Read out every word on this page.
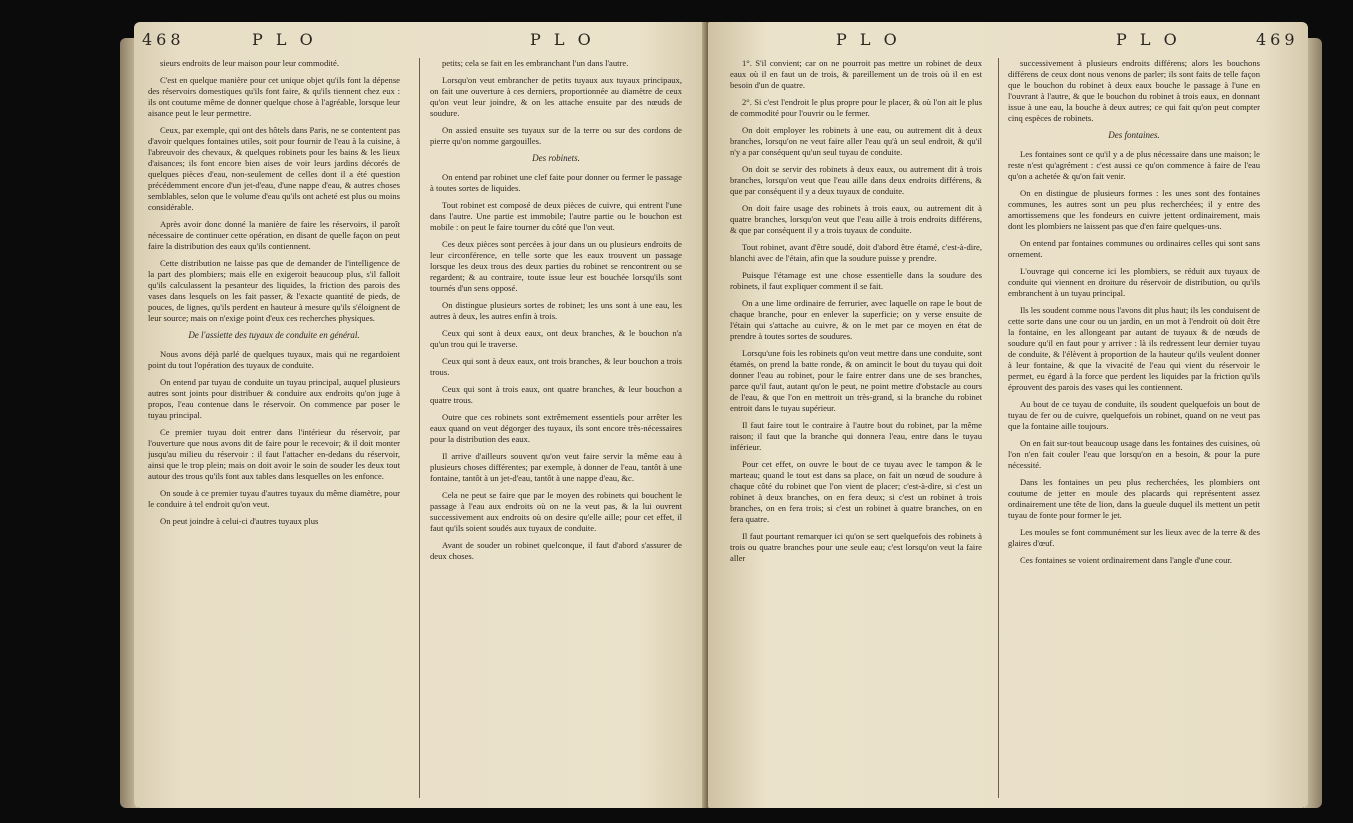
468	P L O	P L O

sieurs endroits de leur maison pour leur commodité.

C'est en quelque manière pour cet unique objet qu'ils font la dépense des réservoirs domestiques qu'ils font faire, & qu'ils tiennent chez eux : ils ont coutume même de donner quelque chose à l'agréable, lorsque leur aisance peut le leur permettre.

Ceux, par exemple, qui ont des hôtels dans Paris, ne se contentent pas d'avoir quelques fontaines utiles, soit pour fournir de l'eau à la cuisine, à l'abreuvoir des chevaux, & quelques robinets pour les bains & les lieux d'aisances; ils font encore bien aises de voir leurs jardins décorés de quelques pièces d'eau, non-seulement de celles dont il a été question précédemment encore d'un jet-d'eau, d'une nappe d'eau, & autres choses semblables, selon que le volume d'eau qu'ils ont acheté est plus ou moins considérable.

Après avoir donc donné la manière de faire les réservoirs, il paroît nécessaire de continuer cette opération, en disant de quelle façon on peut faire la distribution des eaux qu'ils contiennent.

Cette distribution ne laisse pas que de demander de l'intelligence de la part des plombiers; mais elle en exigeroit beaucoup plus, s'il falloit qu'ils calculassent la pesanteur des liquides, la friction des parois des vases dans lesquels on les fait passer, & l'exacte quantité de pieds, de pouces, de lignes, qu'ils perdent en hauteur à mesure qu'ils s'éloignent de leur source; mais on n'exige point d'eux ces recherches physiques.

De l'assiette des tuyaux de conduite en général.

Nous avons déjà parlé de quelques tuyaux, mais qui ne regardoient point du tout l'opération des tuyaux de conduite.

On entend par tuyau de conduite un tuyau principal, auquel plusieurs autres sont joints pour distribuer & conduire aux endroits qu'on juge à propos, l'eau contenue dans le réservoir. On commence par poser le tuyau principal.

Ce premier tuyau doit entrer dans l'intérieur du réservoir, par l'ouverture que nous avons dit de faire pour le recevoir; & il doit monter jusqu'au milieu du réservoir : il faut l'attacher en-dedans du réservoir, ainsi que le trop plein; mais on doit avoir le soin de souder les deux tout autour des trous qu'ils font aux tables dans lesquelles on les enfonce.

On soude à ce premier tuyau d'autres tuyaux du même diamètre, pour le conduire à tel endroit qu'on veut.

On peut joindre à celui-ci d'autres tuyaux plus

petits; cela se fait en les embranchant l'un dans l'autre.

Lorsqu'on veut embrancher de petits tuyaux aux tuyaux principaux, on fait une ouverture à ces derniers, proportionnée au diamètre de ceux qu'on veut leur joindre, & on les attache ensuite par des nœuds de soudure.

On assied ensuite ses tuyaux sur de la terre ou sur des cordons de pierre qu'on nomme gargouilles.

Des robinets.

On entend par robinet une clef faite pour donner ou fermer le passage à toutes sortes de liquides.

Tout robinet est composé de deux pièces de cuivre, qui entrent l'une dans l'autre. Une partie est immobile; l'autre partie ou le bouchon est mobile : on peut le faire tourner du côté que l'on veut.

Ces deux pièces sont percées à jour dans un ou plusieurs endroits de leur circonférence, en telle sorte que les eaux trouvent un passage lorsque les deux trous des deux parties du robinet se rencontrent ou se regardent; & au contraire, toute issue leur est bouchée lorsqu'ils sont tournés d'un sens opposé.

On distingue plusieurs sortes de robinet; les uns sont à une eau, les autres à deux, les autres enfin à trois.

Ceux qui sont à deux eaux, ont deux branches, & le bouchon n'a qu'un trou qui le traverse.

Ceux qui sont à deux eaux, ont trois branches, & leur bouchon a trois trous.

Ceux qui sont à trois eaux, ont quatre branches, & leur bouchon a quatre trous.

Outre que ces robinets sont extrêmement essentiels pour arrêter les eaux quand on veut dégorger des tuyaux, ils sont encore très-nécessaires pour la distribution des eaux.

Il arrive d'ailleurs souvent qu'on veut faire servir la même eau à plusieurs choses différentes; par exemple, à donner de l'eau, tantôt à une fontaine, tantôt à un jet-d'eau, tantôt à une nappe d'eau, &c.

Cela ne peut se faire que par le moyen des robinets qui bouchent le passage à l'eau aux endroits où on ne la veut pas, & la lui ouvrent successivement aux endroits où on desire qu'elle aille; pour cet effet, il faut qu'ils soient soudés aux tuyaux de conduite.

Avant de souder un robinet quelconque, il faut d'abord s'assurer de deux choses.

P L O	P L O	469

1°. S'il convient; car on ne pourroit pas mettre un robinet de deux eaux où il en faut un de trois, & pareillement un de trois où il en est besoin d'un de quatre.

2°. Si c'est l'endroit le plus propre pour le placer, & où l'on ait le plus de commodité pour l'ouvrir ou le fermer.

On doit employer les robinets à une eau, ou autrement dit à deux branches, lorsqu'on ne veut faire aller l'eau qu'à un seul endroit, & qu'il n'y a par conséquent qu'un seul tuyau de conduite.

On doit se servir des robinets à deux eaux, ou autrement dit à trois branches, lorsqu'on veut que l'eau aille dans deux endroits différens, & que par conséquent il y a deux tuyaux de conduite.

On doit faire usage des robinets à trois eaux, ou autrement dit à quatre branches, lorsqu'on veut que l'eau aille à trois endroits différens, & que par conséquent il y a trois tuyaux de conduite.

Tout robinet, avant d'être soudé, doit d'abord être étamé, c'est-à-dire, blanchi avec de l'étain, afin que la soudure puisse y prendre.

Puisque l'étamage est une chose essentielle dans la soudure des robinets, il faut expliquer comment il se fait.

On a une lime ordinaire de ferrurier, avec laquelle on rape le bout de chaque branche, pour en enlever la superficie; on y verse ensuite de l'étain qui s'attache au cuivre, & on le met par ce moyen en état de prendre à toutes sortes de soudures.

Lorsqu'une fois les robinets qu'on veut mettre dans une conduite, sont étamés, on prend la batte ronde, & on amincit le bout du tuyau qui doit donner l'eau au robinet, pour le faire entrer dans une de ses branches, parce qu'il faut, autant qu'on le peut, ne point mettre d'obstacle au cours de l'eau, & que l'on en mettroit un très-grand, si la branche du robinet entroit dans le tuyau supérieur.

Il faut faire tout le contraire à l'autre bout du robinet, par la même raison; il faut que la branche qui donnera l'eau, entre dans le tuyau inférieur.

Pour cet effet, on ouvre le bout de ce tuyau avec le tampon & le marteau; quand le tout est dans sa place, on fait un nœud de soudure à chaque côté du robinet que l'on vient de placer; c'est-à-dire, si c'est un robinet à deux branches, on en fera deux; si c'est un robinet à trois branches, on en fera trois; si c'est un robinet à quatre branches, on en fera quatre.

Il faut pourtant remarquer ici qu'on se sert quelquefois des robinets à trois ou quatre branches pour une seule eau; c'est lorsqu'on veut la faire aller

successivement à plusieurs endroits différens; alors les bouchons différens de ceux dont nous venons de parler; ils sont faits de telle façon que le bouchon du robinet à deux eaux bouche le passage à l'une en l'ouvrant à l'autre, & que le bouchon du robinet à trois eaux, en donnant issue à une eau, la bouche à deux autres; ce qui fait qu'on peut compter cinq espèces de robinets.

Des fontaines.

Les fontaines sont ce qu'il y a de plus nécessaire dans une maison; le reste n'est qu'agrément : c'est aussi ce qu'on commence à faire de l'eau qu'on a achetée & qu'on fait venir.

On en distingue de plusieurs formes : les unes sont des fontaines communes, les autres sont un peu plus recherchées; il y entre des amortissemens que les fondeurs en cuivre jettent ordinairement, mais dont les plombiers ne laissent pas que d'en faire quelques-uns.

On entend par fontaines communes ou ordinaires celles qui sont sans ornement.

L'ouvrage qui concerne ici les plombiers, se réduit aux tuyaux de conduite qui viennent en droiture du réservoir de distribution, ou qu'ils embranchent à un tuyau principal.

Ils les soudent comme nous l'avons dit plus haut; ils les conduisent de cette sorte dans une cour ou un jardin, en un mot à l'endroit où doit être la fontaine, en les allongeant par autant de tuyaux & de nœuds de soudure qu'il en faut pour y arriver : là ils redressent leur dernier tuyau de conduite, & l'élèvent à proportion de la hauteur qu'ils veulent donner à leur fontaine, & que la vivacité de l'eau qui vient du réservoir le permet, eu égard à la force que perdent les liquides par la friction qu'ils éprouvent des parois des vases qui les contiennent.

Au bout de ce tuyau de conduite, ils soudent quelquefois un bout de tuyau de fer ou de cuivre, quelquefois un robinet, quand on ne veut pas que la fontaine aille toujours.

On en fait sur-tout beaucoup usage dans les fontaines des cuisines, où l'on n'en fait couler l'eau que lorsqu'on en a besoin, & pour la pure nécessité.

Dans les fontaines un peu plus recherchées, les plombiers ont coutume de jetter en moule des placards qui représentent assez ordinairement une tête de lion, dans la gueule duquel ils mettent un petit tuyau de fonte pour former le jet.

Les moules se font communément sur les lieux avec de la terre & des glaires d'œuf.

Ces fontaines se voient ordinairement dans l'angle d'une cour.
